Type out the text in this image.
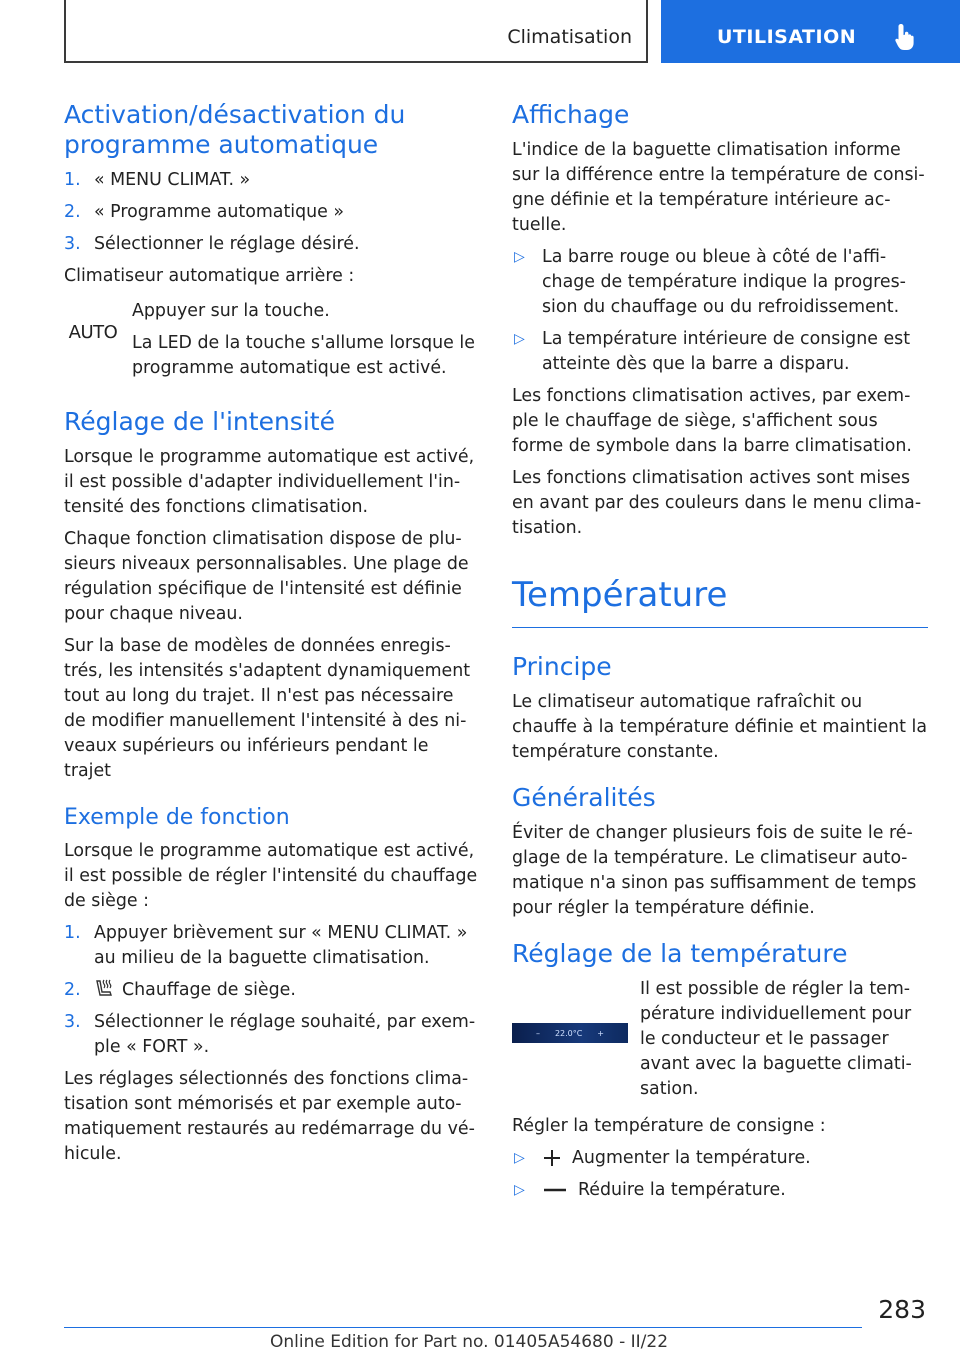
Climatisation	UTILISATION
Activation/désactivation du programme automatique
1. « MENU CLIMAT. »
2. « Programme automatique »
3. Sélectionner le réglage désiré.

Climatiseur automatique arrière :

AUTO

Appuyer sur la touche.

La LED de la touche s'allume lorsque le programme automatique est activé.

Réglage de l'intensité

Lorsque le programme automatique est activé, il est possible d'adapter individuellement l'intensité des fonctions climatisation.

Chaque fonction climatisation dispose de plusieurs niveaux personnalisables. Une plage de régulation spécifique de l'intensité est définie pour chaque niveau.

Sur la base de modèles de données enregistrés, les intensités s'adaptent dynamiquement tout au long du trajet. Il n'est pas nécessaire de modifier manuellement l'intensité à des niveaux supérieurs ou inférieurs pendant le trajet

Exemple de fonction

Lorsque le programme automatique est activé, il est possible de régler l'intensité du chauffage de siège :

1. Appuyer brièvement sur « MENU CLIMAT. » au milieu de la baguette climatisation.
2. Chauffage de siège.
3. Sélectionner le réglage souhaité, par exemple « FORT ».

Les réglages sélectionnés des fonctions climatisation sont mémorisés et par exemple automatiquement restaurés au redémarrage du véhicule.

Affichage

L'indice de la baguette climatisation informe sur la différence entre la température de consigne définie et la température intérieure actuelle.

▷ La barre rouge ou bleue à côté de l'affichage de température indique la progression du chauffage ou du refroidissement.
▷ La température intérieure de consigne est atteinte dès que la barre a disparu.

Les fonctions climatisation actives, par exemple le chauffage de siège, s'affichent sous forme de symbole dans la barre climatisation.

Les fonctions climatisation actives sont mises en avant par des couleurs dans le menu climatisation.

Température
Principe

Le climatiseur automatique rafraîchit ou chauffe à la température définie et maintient la température constante.

Généralités

Éviter de changer plusieurs fois de suite le réglage de la température. Le climatiseur automatique n'a sinon pas suffisamment de temps pour régler la température définie.

Réglage de la température
– 22.0°C +

Il est possible de régler la température individuellement pour le conducteur et le passager avant avec la baguette climatisation.

Régler la température de consigne :

▷	Augmenter la température.
▷	Réduire la température.
283
Online Edition for Part no. 01405A54680 - II/22
